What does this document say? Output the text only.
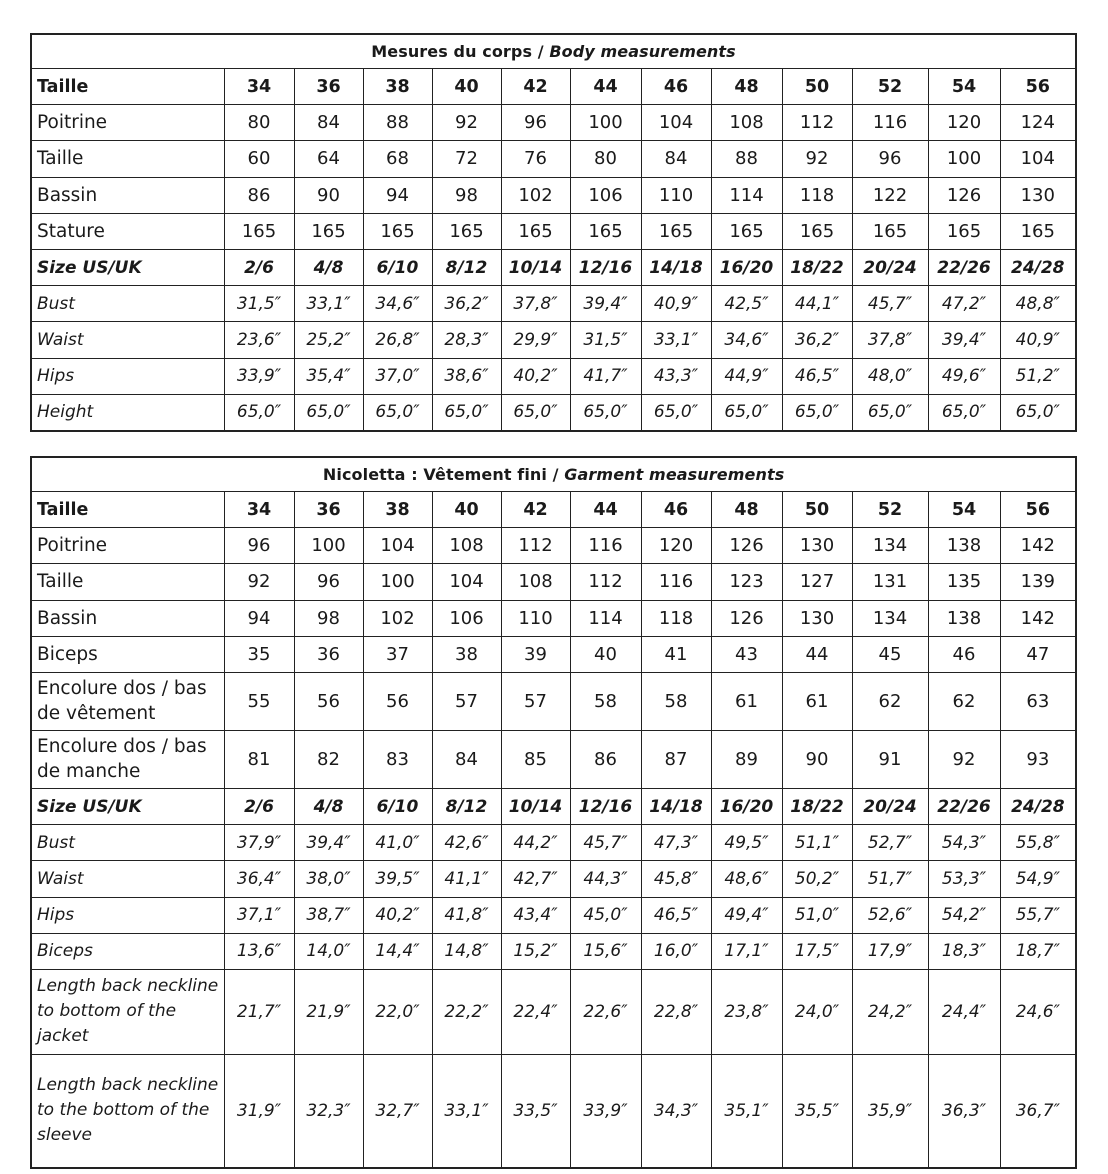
Mesures du corps / Body measurements												
Taille	34	36	38	40	42	44	46	48	50	52	54	56
Poitrine	80	84	88	92	96	100	104	108	112	116	120	124
Taille	60	64	68	72	76	80	84	88	92	96	100	104
Bassin	86	90	94	98	102	106	110	114	118	122	126	130
Stature	165	165	165	165	165	165	165	165	165	165	165	165
Size US/UK	2/6	4/8	6/10	8/12	10/14	12/16	14/18	16/20	18/22	20/24	22/26	24/28
Bust	31,5″	33,1″	34,6″	36,2″	37,8″	39,4″	40,9″	42,5″	44,1″	45,7″	47,2″	48,8″
Waist	23,6″	25,2″	26,8″	28,3″	29,9″	31,5″	33,1″	34,6″	36,2″	37,8″	39,4″	40,9″
Hips	33,9″	35,4″	37,0″	38,6″	40,2″	41,7″	43,3″	44,9″	46,5″	48,0″	49,6″	51,2″
Height	65,0″	65,0″	65,0″	65,0″	65,0″	65,0″	65,0″	65,0″	65,0″	65,0″	65,0″	65,0″
Nicoletta : Vêtement fini / Garment measurements												
Taille	34	36	38	40	42	44	46	48	50	52	54	56
Poitrine	96	100	104	108	112	116	120	126	130	134	138	142
Taille	92	96	100	104	108	112	116	123	127	131	135	139
Bassin	94	98	102	106	110	114	118	126	130	134	138	142
Biceps	35	36	37	38	39	40	41	43	44	45	46	47
Encolure dos / bas de vêtement	55	56	56	57	57	58	58	61	61	62	62	63
Encolure dos / bas de manche	81	82	83	84	85	86	87	89	90	91	92	93
Size US/UK	2/6	4/8	6/10	8/12	10/14	12/16	14/18	16/20	18/22	20/24	22/26	24/28
Bust	37,9″	39,4″	41,0″	42,6″	44,2″	45,7″	47,3″	49,5″	51,1″	52,7″	54,3″	55,8″
Waist	36,4″	38,0″	39,5″	41,1″	42,7″	44,3″	45,8″	48,6″	50,2″	51,7″	53,3″	54,9″
Hips	37,1″	38,7″	40,2″	41,8″	43,4″	45,0″	46,5″	49,4″	51,0″	52,6″	54,2″	55,7″
Biceps	13,6″	14,0″	14,4″	14,8″	15,2″	15,6″	16,0″	17,1″	17,5″	17,9″	18,3″	18,7″
Length back neckline to bottom of the jacket	21,7″	21,9″	22,0″	22,2″	22,4″	22,6″	22,8″	23,8″	24,0″	24,2″	24,4″	24,6″
Length back neckline to the bottom of the sleeve	31,9″	32,3″	32,7″	33,1″	33,5″	33,9″	34,3″	35,1″	35,5″	35,9″	36,3″	36,7″
